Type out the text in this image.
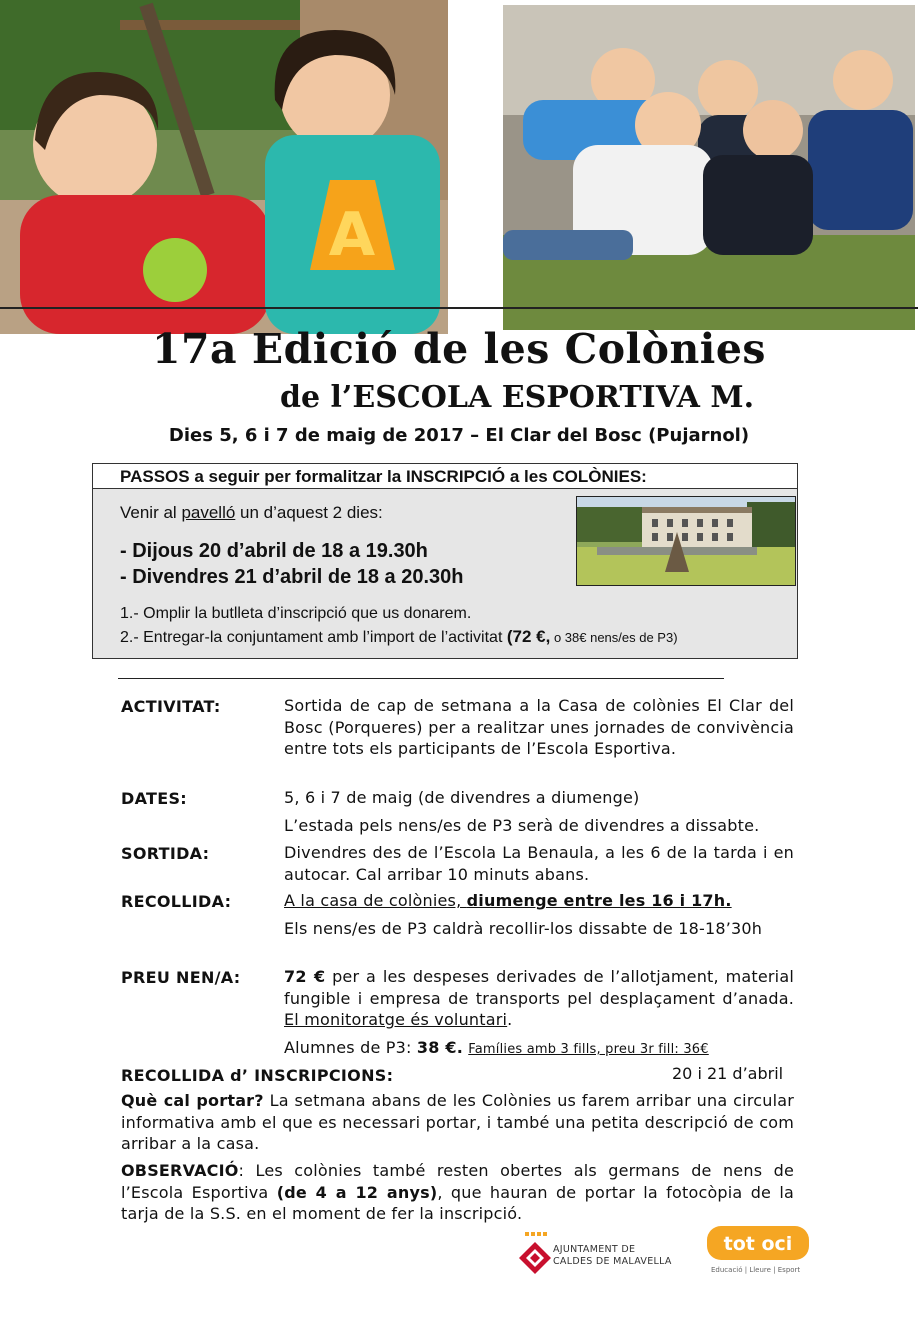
A
17a Edició de les Colònies
de l’ESCOLA ESPORTIVA M.
Dies 5, 6 i 7 de maig de 2017 – El Clar del Bosc (Pujarnol)
PASSOS a seguir per formalitzar la INSCRIPCIÓ a les COLÒNIES:
Venir al pavelló un d’aquest 2 dies:
- Dijous 20 d’abril de 18 a 19.30h
- Divendres 21 d’abril de 18 a 20.30h
1.- Omplir la butlleta d’inscripció que us donarem.
2.- Entregar-la conjuntament amb l’import de l’activitat (72 €, o 38€ nens/es de P3)
ACTIVITAT:	Sortida de cap de setmana a la Casa de colònies El Clar del Bosc (Porqueres) per a realitzar unes jornades de convivència entre tots els participants de l’Escola Esportiva.
DATES:	5, 6 i 7 de maig (de divendres a diumenge)
L’estada pels nens/es de P3 serà de divendres a dissabte.
SORTIDA:	Divendres des de l’Escola La Benaula, a les 6 de la tarda i en autocar. Cal arribar 10 minuts abans.
RECOLLIDA:	A la casa de colònies, diumenge entre les 16 i 17h.
Els nens/es de P3 caldrà recollir-los dissabte de 18-18’30h
PREU NEN/A:	72 € per a les despeses derivades de l’allotjament, material fungible i empresa de transports pel desplaçament d’anada. El monitoratge és voluntari.
Alumnes de P3: 38 €. Famílies amb 3 fills, preu 3r fill: 36€
RECOLLIDA d’ INSCRIPCIONS:	20 i 21 d’abril
Què cal portar? La setmana abans de les Colònies us farem arribar una circular informativa amb el que es necessari portar, i també una petita descripció de com arribar a la casa.
OBSERVACIÓ: Les colònies també resten obertes als germans de nens de l’Escola Esportiva (de 4 a 12 anys), que hauran de portar la fotocòpia de la tarja de la S.S. en el moment de fer la inscripció.
AJUNTAMENT DE
CALDES DE MALAVELLA
tot oci
Educació | Lleure | Esport
